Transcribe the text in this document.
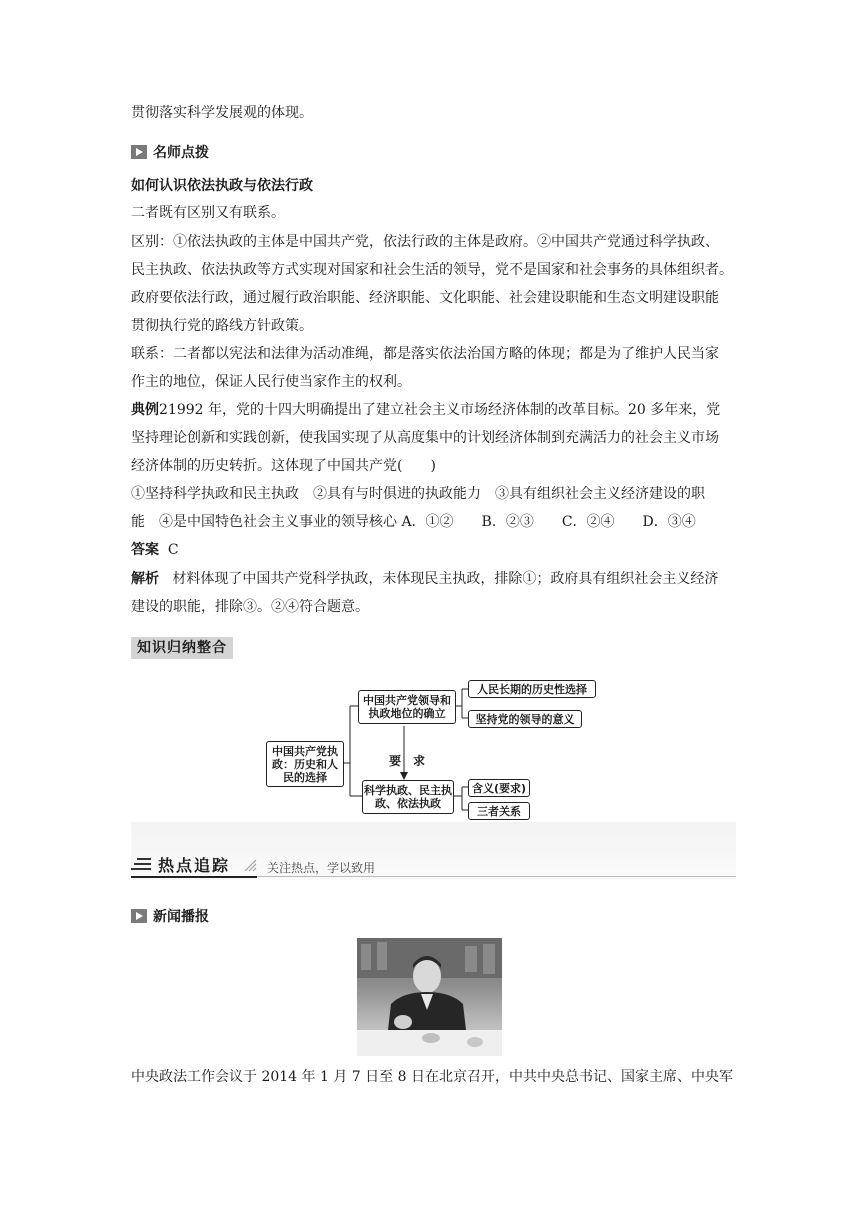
贯彻落实科学发展观的体现。
名师点拨
如何认识依法执政与依法行政
二者既有区别又有联系。
区别：①依法执政的主体是中国共产党，依法行政的主体是政府。②中国共产党通过科学执政、
民主执政、依法执政等方式实现对国家和社会生活的领导，党不是国家和社会事务的具体组织者。
政府要依法行政，通过履行政治职能、经济职能、文化职能、社会建设职能和生态文明建设职能
贯彻执行党的路线方针政策。
联系：二者都以宪法和法律为活动准绳，都是落实依法治国方略的体现；都是为了维护人民当家
作主的地位，保证人民行使当家作主的权利。
典例21992 年，党的十四大明确提出了建立社会主义市场经济体制的改革目标。20 多年来，党
坚持理论创新和实践创新，使我国实现了从高度集中的计划经济体制到充满活力的社会主义市场
经济体制的历史转折。这体现了中国共产党(　　)
①坚持科学执政和民主执政　②具有与时俱进的执政能力　③具有组织社会主义经济建设的职
能　④是中国特色社会主义事业的领导核心 A．①②　　B．②③　　C．②④　　D．③④
答案 C
解析 材料体现了中国共产党科学执政，未体现民主执政，排除①；政府具有组织社会主义经济
建设的职能，排除③。②④符合题意。
知识归纳整合
中国共产党执政：历史和人民的选择
中国共产党领导和执政地位的确立
要　求
科学执政、民主执政、依法执政
人民长期的历史性选择
坚持党的领导的意义
含义(要求)
三者关系
热点追踪	关注热点，学以致用
新闻播报
中央政法工作会议于 2014 年 1 月 7 日至 8 日在北京召开，中共中央总书记、国家主席、中央军
